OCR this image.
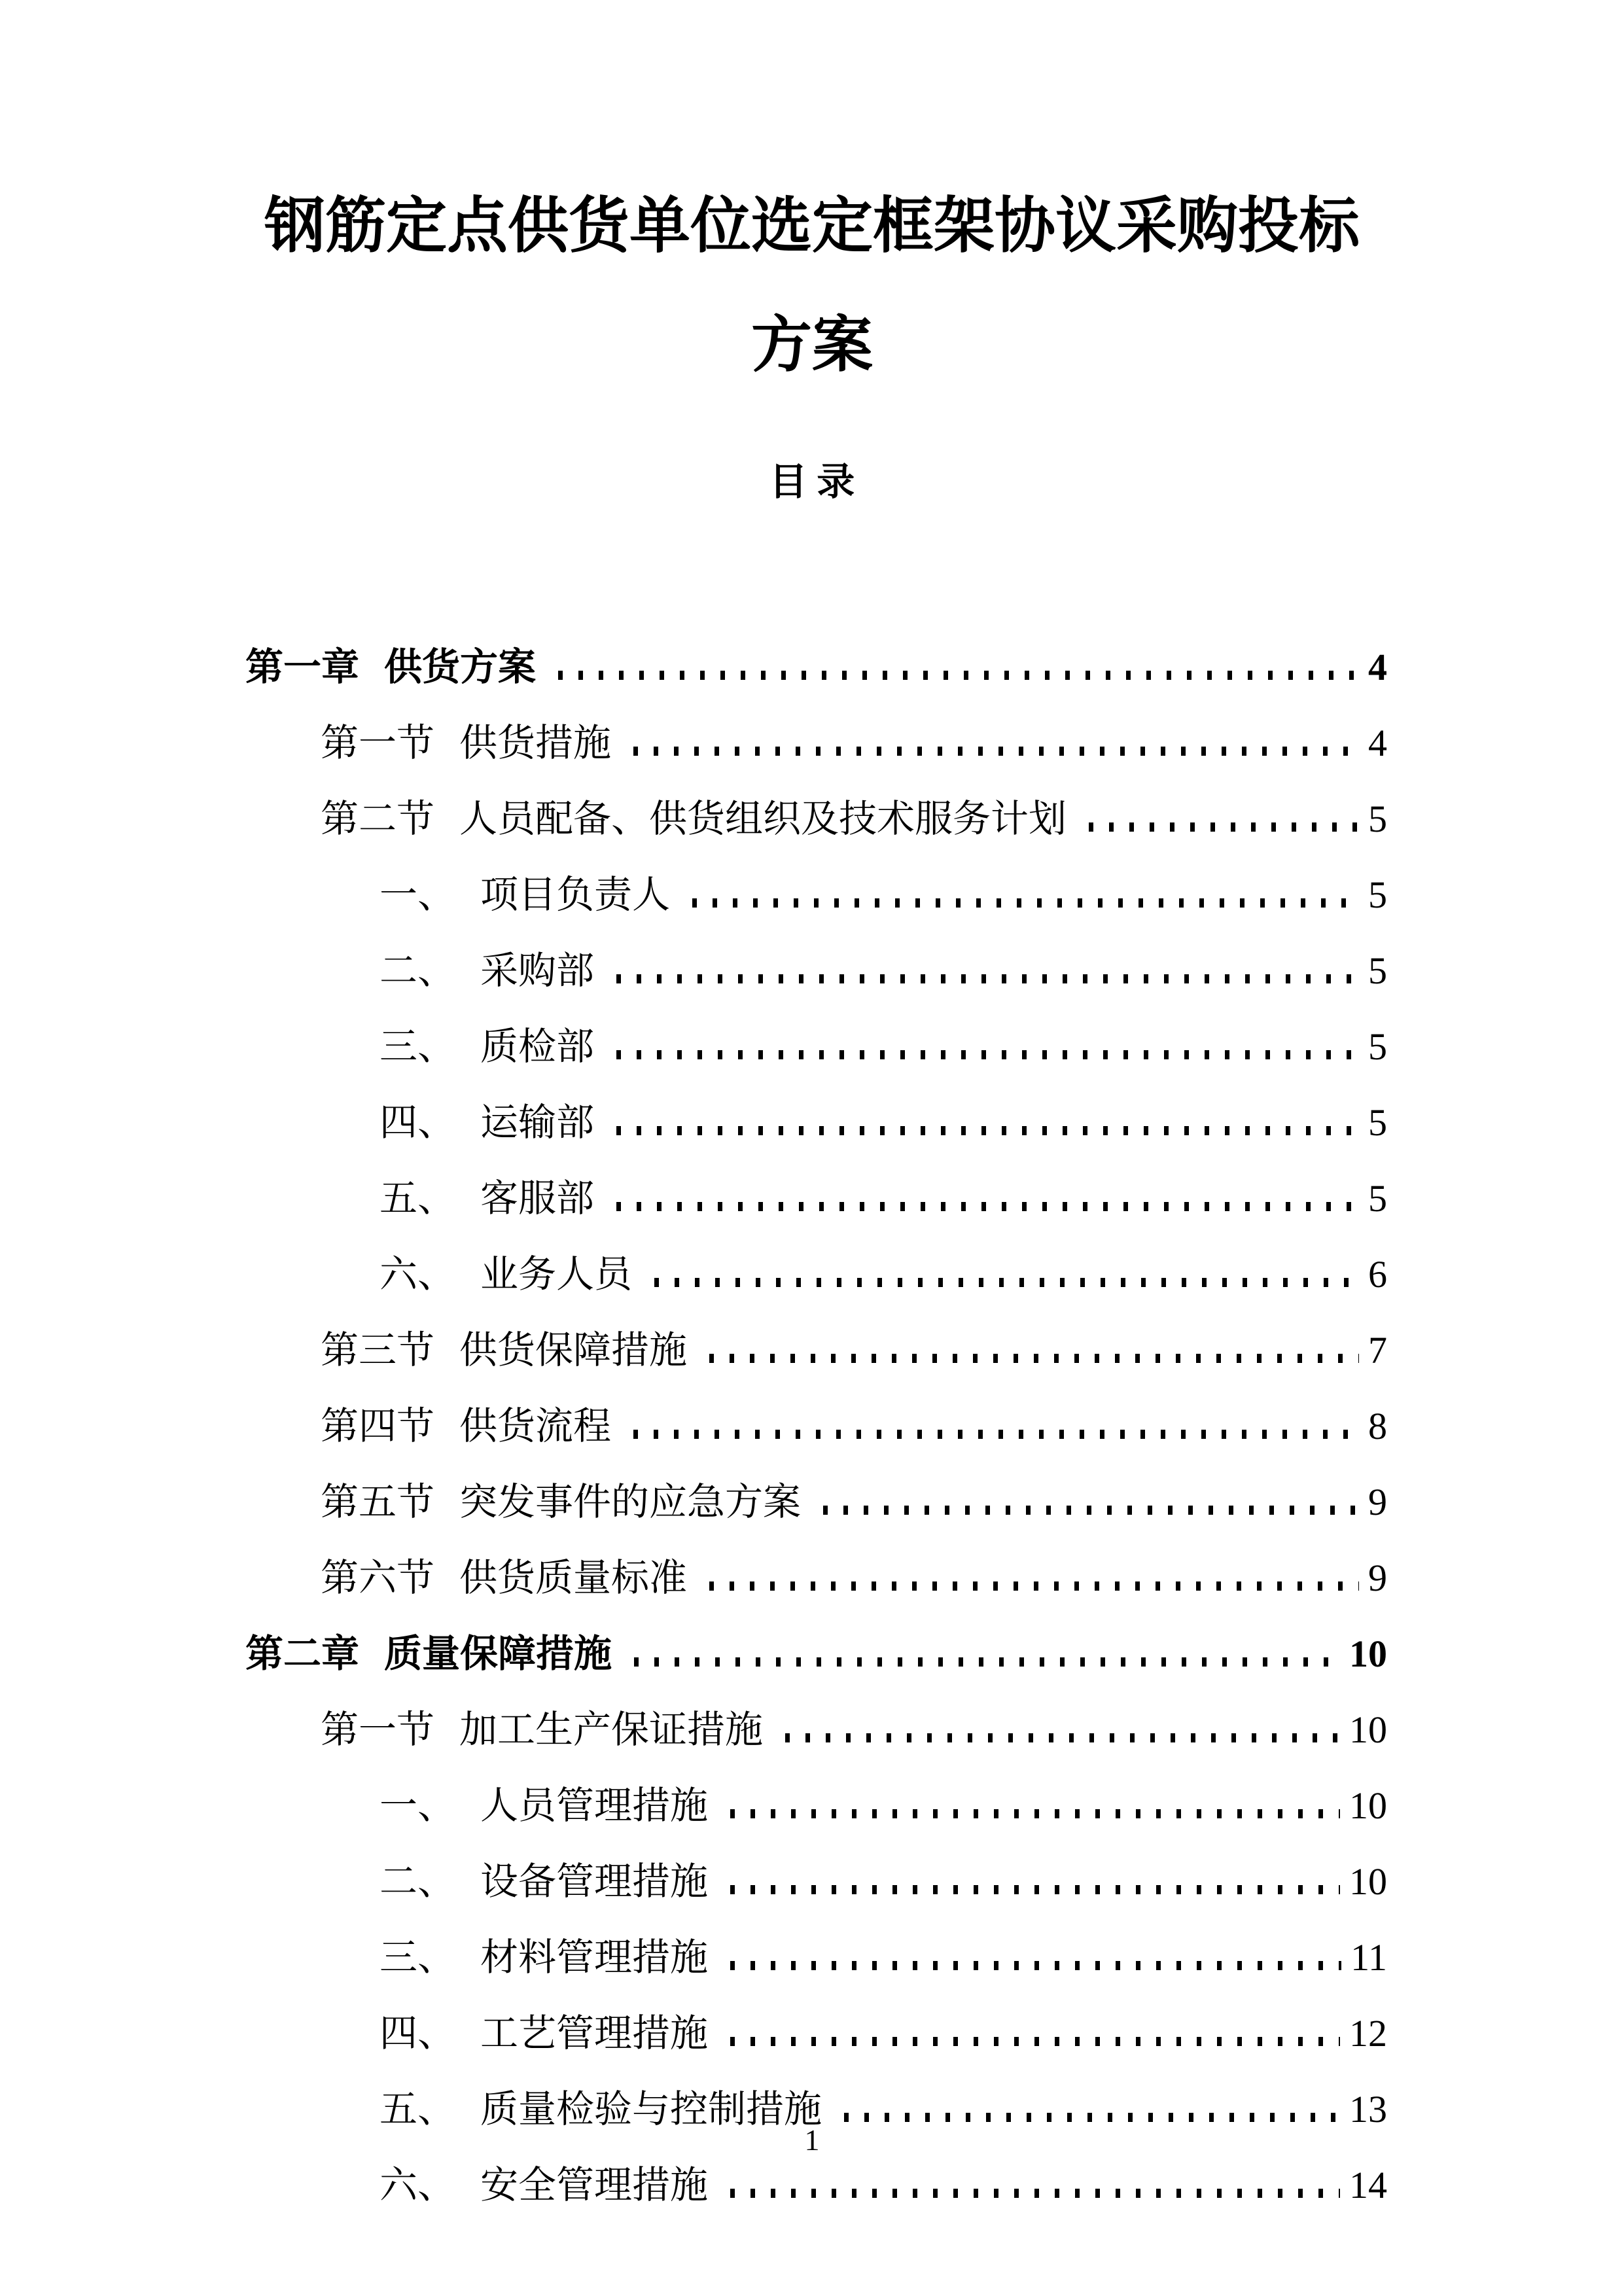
钢筋定点供货单位选定框架协议采购投标
方案
目 录
第一章 供货方案	4
第一节 供货措施	4
第二节 人员配备、供货组织及技术服务计划	5
一、 项目负责人	5
二、 采购部	5
三、 质检部	5
四、 运输部	5
五、 客服部	5
六、 业务人员	6
第三节 供货保障措施	7
第四节 供货流程	8
第五节 突发事件的应急方案	9
第六节 供货质量标准	9
第二章 质量保障措施	10
第一节 加工生产保证措施	10
一、 人员管理措施	10
二、 设备管理措施	10
三、 材料管理措施	11
四、 工艺管理措施	12
五、 质量检验与控制措施	13
六、 安全管理措施	14
1
